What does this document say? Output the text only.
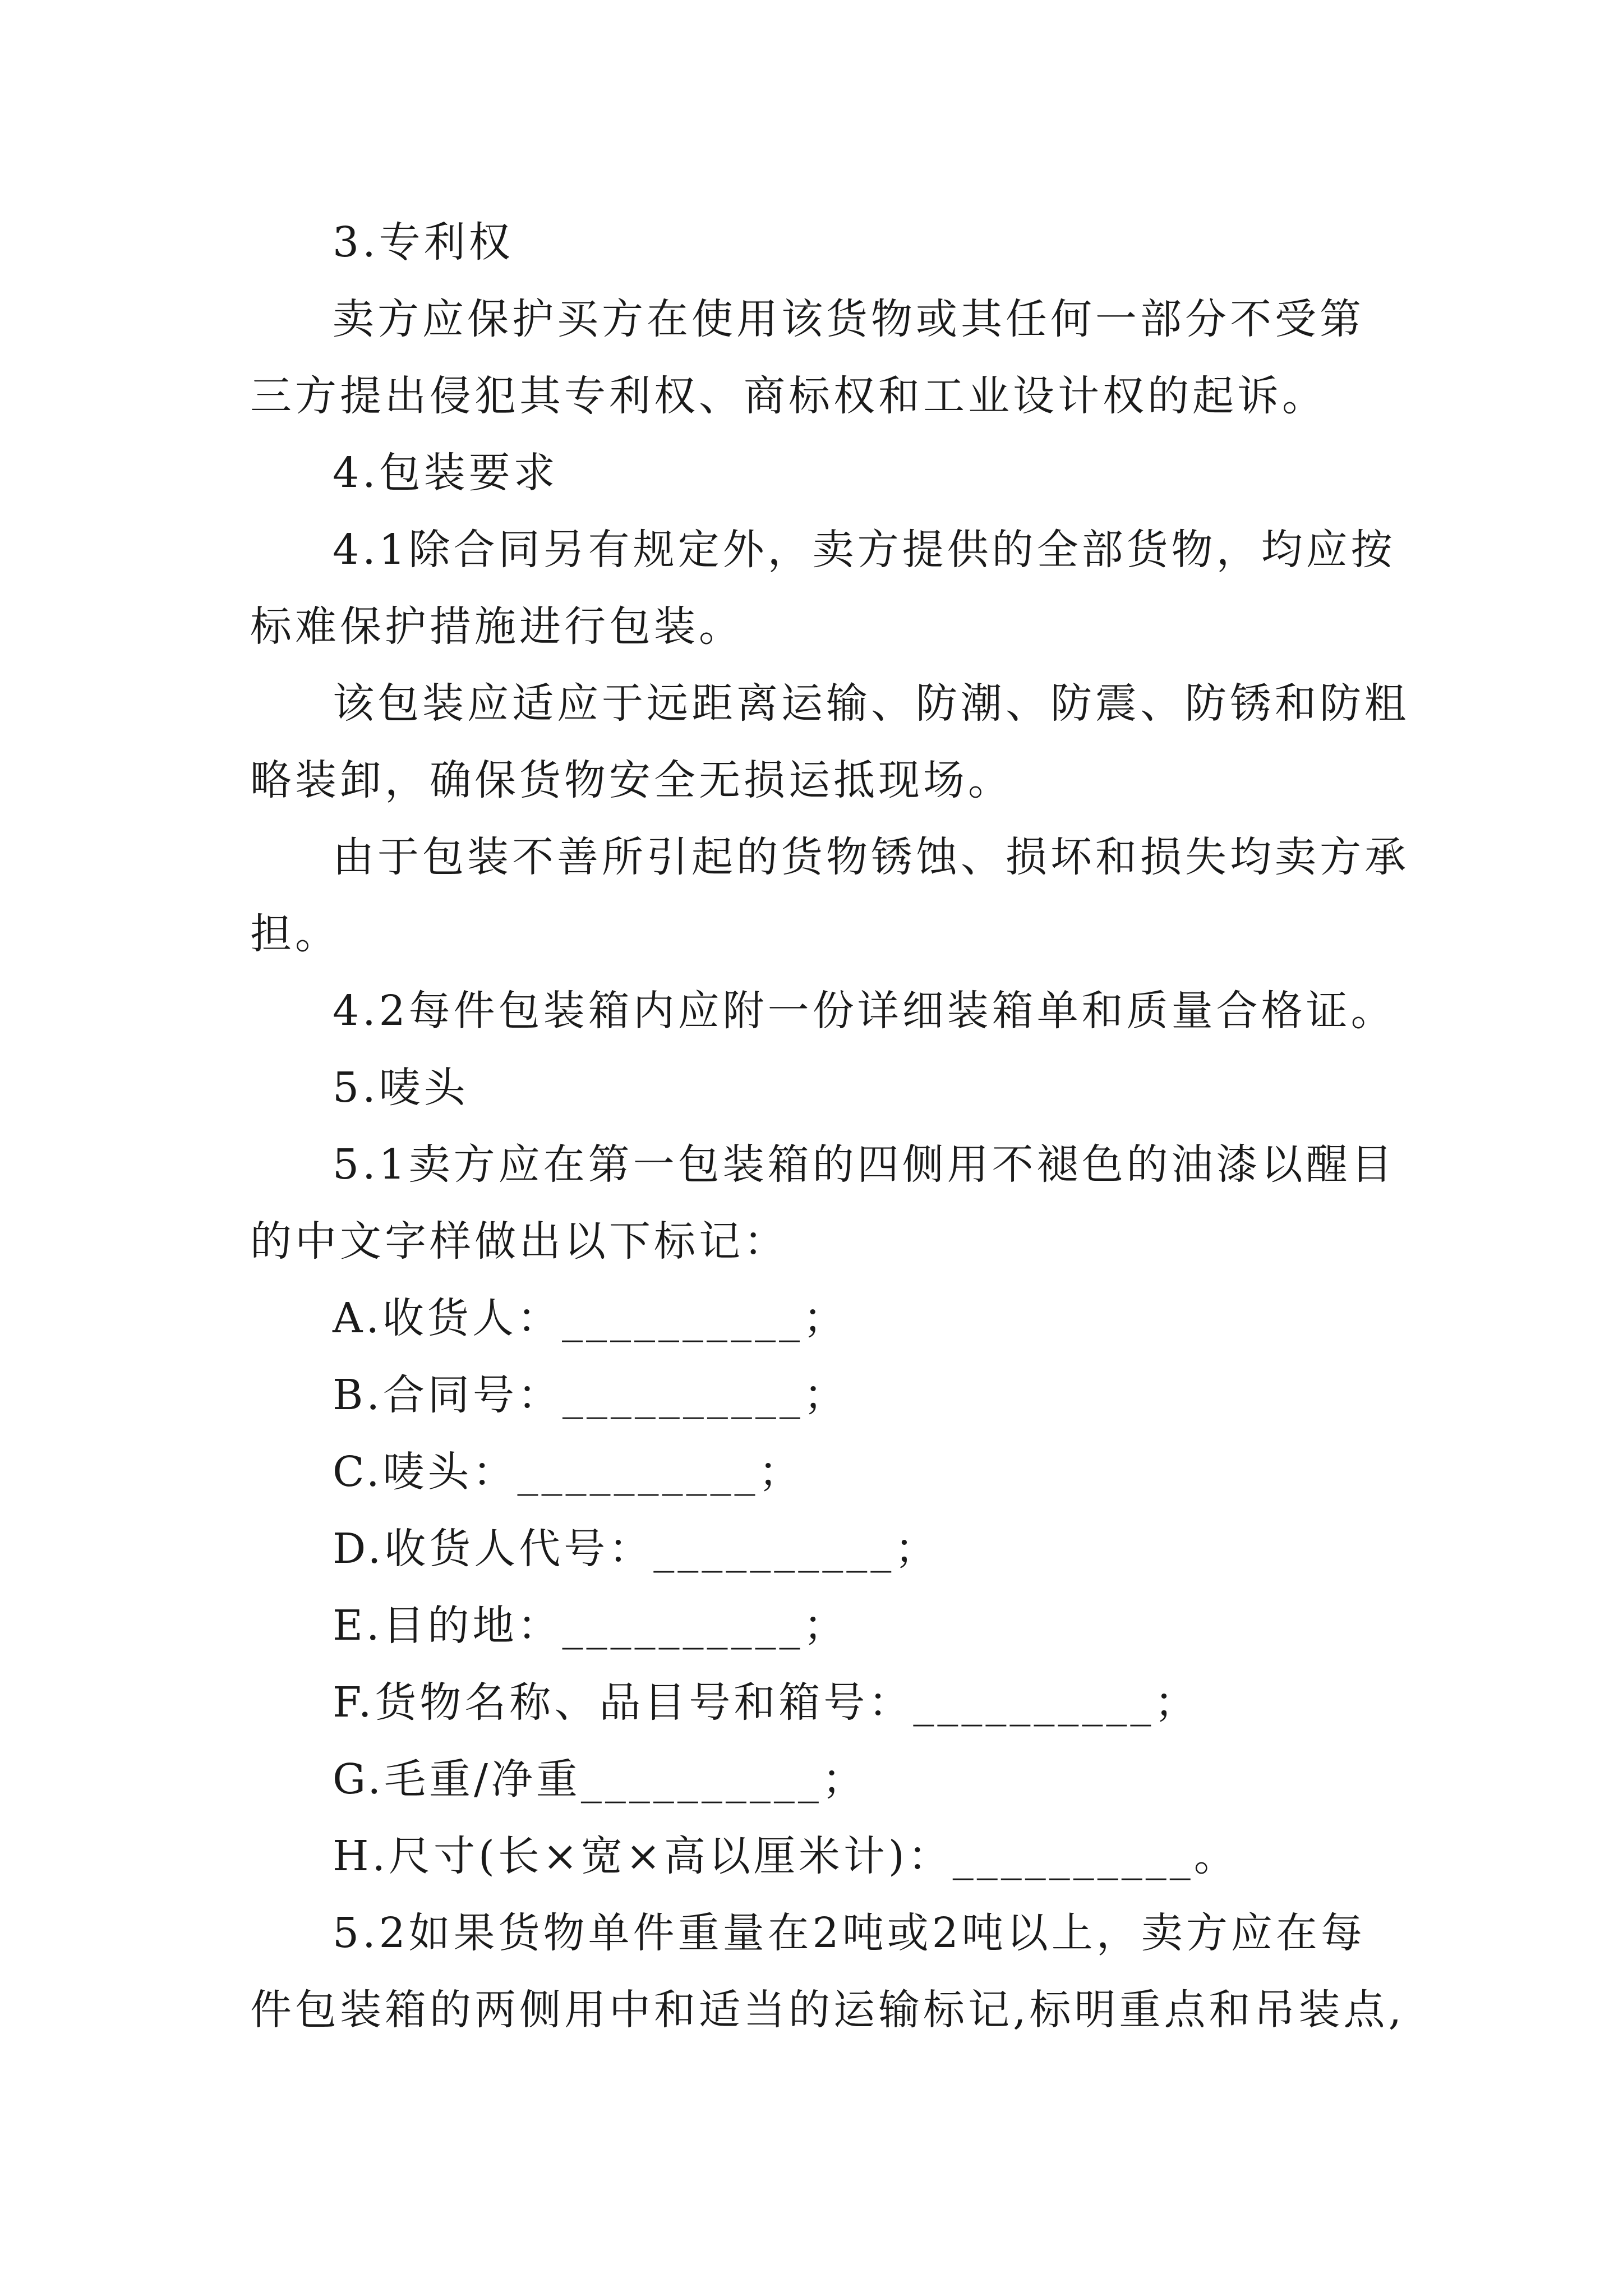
3.专利权
卖方应保护买方在使用该货物或其任何一部分不受第
三方提出侵犯其专利权、商标权和工业设计权的起诉。
4.包装要求
4.1除合同另有规定外，卖方提供的全部货物，均应按
标难保护措施进行包装。
该包装应适应于远距离运输、防潮、防震、防锈和防粗
略装卸，确保货物安全无损运抵现场。
由于包装不善所引起的货物锈蚀、损坏和损失均卖方承
担。
4.2每件包装箱内应附一份详细装箱单和质量合格证。
5.唛头
5.1卖方应在第一包装箱的四侧用不褪色的油漆以醒目
的中文字样做出以下标记：
A.收货人：__________；
B.合同号：__________；
C.唛头：__________；
D.收货人代号：__________；
E.目的地：__________；
F.货物名称、品目号和箱号：__________；
G.毛重/净重__________；
H.尺寸(长×宽×高以厘米计)：__________。
5.2如果货物单件重量在2吨或2吨以上，卖方应在每
件包装箱的两侧用中和适当的运输标记,标明重点和吊装点,
